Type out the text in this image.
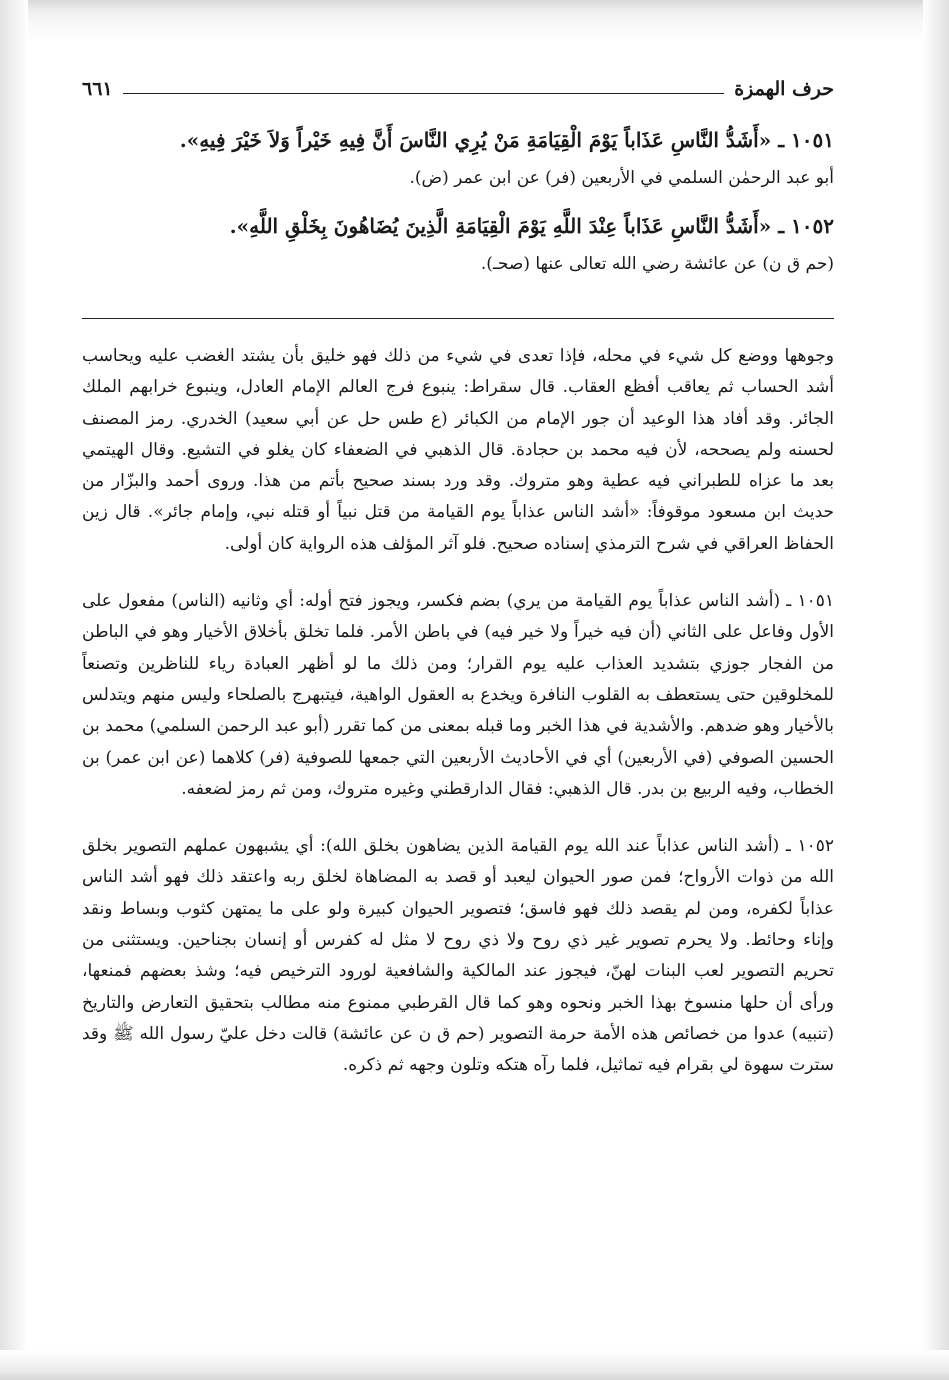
حرف الهمزة
٦٦١
١٠٥١ ـ «أَشَدُّ النَّاسِ عَذَاباً يَوْمَ الْقِيَامَةِ مَنْ يُرِي النَّاسَ أَنَّ فِيهِ خَيْراً وَلاَ خَيْرَ فِيهِ».
أبو عبد الرحمٰن السلمي في الأربعين (فر) عن ابن عمر (ض).
١٠٥٢ ـ «أَشَدُّ النَّاسِ عَذَاباً عِنْدَ اللَّهِ يَوْمَ الْقِيَامَةِ الَّذِينَ يُضَاهُونَ بِخَلْقِ اللَّهِ».
(حم ق ن) عن عائشة رضي الله تعالى عنها (صحـ).

وجوهها ووضع كل شيء في محله، فإذا تعدى في شيء من ذلك فهو خليق بأن يشتد الغضب عليه ويحاسب أشد الحساب ثم يعاقب أفظع العقاب. قال سقراط: ينبوع فرج العالم الإمام العادل، وينبوع خرابهم الملك الجائر. وقد أفاد هذا الوعيد أن جور الإمام من الكبائر (ع طس حل عن أبي سعيد) الخدري. رمز المصنف لحسنه ولم يصححه، لأن فيه محمد بن حجادة. قال الذهبي في الضعفاء كان يغلو في التشيع. وقال الهيتمي بعد ما عزاه للطبراني فيه عطية وهو متروك. وقد ورد بسند صحيح بأتم من هذا. وروى أحمد والبزّار من حديث ابن مسعود موقوفاً: «أشد الناس عذاباً يوم القيامة من قتل نبياً أو قتله نبي، وإمام جائر». قال زين الحفاظ العراقي في شرح الترمذي إسناده صحيح. فلو آثر المؤلف هذه الرواية كان أولى.

١٠٥١ ـ (أشد الناس عذاباً يوم القيامة من يري) بضم فكسر، ويجوز فتح أوله: أي وثانيه (الناس) مفعول على الأول وفاعل على الثاني (أن فيه خيراً ولا خير فيه) في باطن الأمر. فلما تخلق بأخلاق الأخيار وهو في الباطن من الفجار جوزي بتشديد العذاب عليه يوم القرار؛ ومن ذلك ما لو أظهر العبادة رياء للناظرين وتصنعاً للمخلوقين حتى يستعطف به القلوب النافرة ويخدع به العقول الواهية، فيتبهرج بالصلحاء وليس منهم ويتدلس بالأخيار وهو ضدهم. والأشدية في هذا الخبر وما قبله بمعنى من كما تقرر (أبو عبد الرحمن السلمي) محمد بن الحسين الصوفي (في الأربعين) أي في الأحاديث الأربعين التي جمعها للصوفية (فر) كلاهما (عن ابن عمر) بن الخطاب، وفيه الربيع بن بدر. قال الذهبي: فقال الدارقطني وغيره متروك، ومن ثم رمز لضعفه.

١٠٥٢ ـ (أشد الناس عذاباً عند الله يوم القيامة الذين يضاهون بخلق الله): أي يشبهون عملهم التصوير بخلق الله من ذوات الأرواح؛ فمن صور الحيوان ليعبد أو قصد به المضاهاة لخلق ربه واعتقد ذلك فهو أشد الناس عذاباً لكفره، ومن لم يقصد ذلك فهو فاسق؛ فتصوير الحيوان كبيرة ولو على ما يمتهن كثوب وبساط ونقد وإناء وحائط. ولا يحرم تصوير غير ذي روح ولا ذي روح لا مثل له كفرس أو إنسان بجناحين. ويستثنى من تحريم التصوير لعب البنات لهنّ، فيجوز عند المالكية والشافعية لورود الترخيص فيه؛ وشذ بعضهم فمنعها، ورأى أن حلها منسوخ بهذا الخبر ونحوه وهو كما قال القرطبي ممنوع منه مطالب بتحقيق التعارض والتاريخ (تنبيه) عدوا من خصائص هذه الأمة حرمة التصوير (حم ق ن عن عائشة) قالت دخل عليّ رسول الله ﷺ وقد سترت سهوة لي بقرام فيه تماثيل، فلما رآه هتكه وتلون وجهه ثم ذكره.
